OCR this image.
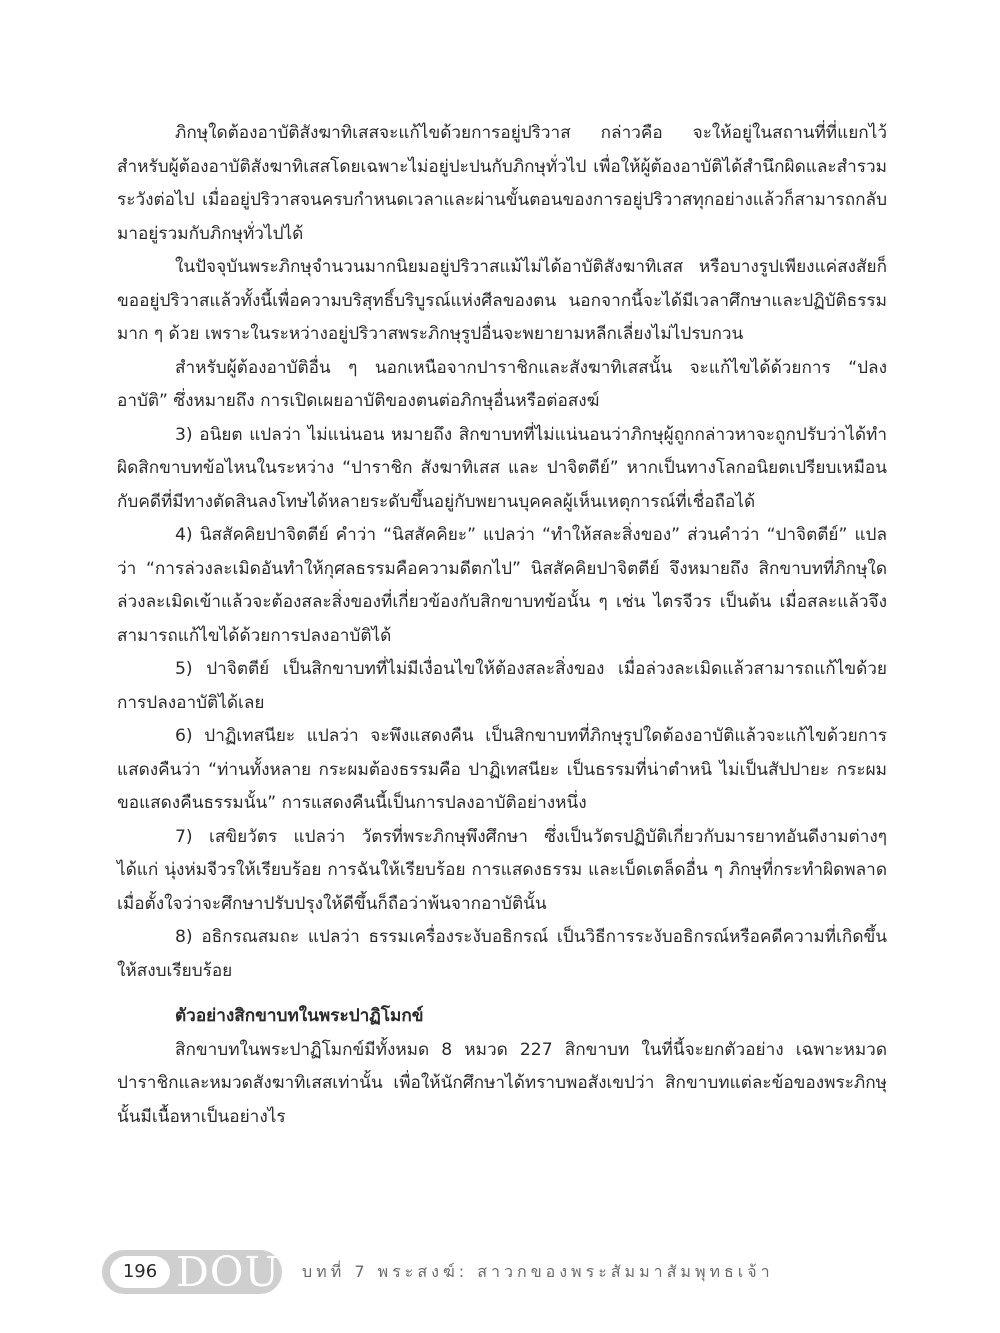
ภิกษุใดต้องอาบัติสังฆาทิเสสจะแก้ไขด้วยการอยู่ปริวาส กล่าวคือ จะให้อยู่ในสถานที่ที่แยกไว้สำหรับผู้ต้องอาบัติสังฆาทิเสสโดยเฉพาะไม่อยู่ปะปนกับภิกษุทั่วไป เพื่อให้ผู้ต้องอาบัติได้สำนึกผิดและสำรวมระวังต่อไป เมื่ออยู่ปริวาสจนครบกำหนดเวลาและผ่านขั้นตอนของการอยู่ปริวาสทุกอย่างแล้วก็สามารถกลับมาอยู่รวมกับภิกษุทั่วไปได้

ในปัจจุบันพระภิกษุจำนวนมากนิยมอยู่ปริวาสแม้ไม่ได้อาบัติสังฆาทิเสส หรือบางรูปเพียงแค่สงสัยก็ขออยู่ปริวาสแล้วทั้งนี้เพื่อความบริสุทธิ์บริบูรณ์แห่งศีลของตน นอกจากนี้จะได้มีเวลาศึกษาและปฏิบัติธรรมมาก ๆ ด้วย เพราะในระหว่างอยู่ปริวาสพระภิกษุรูปอื่นจะพยายามหลีกเลี่ยงไม่ไปรบกวน

สำหรับผู้ต้องอาบัติอื่น ๆ นอกเหนือจากปาราชิกและสังฆาทิเสสนั้น จะแก้ไขได้ด้วยการ “ปลงอาบัติ” ซึ่งหมายถึง การเปิดเผยอาบัติของตนต่อภิกษุอื่นหรือต่อสงฆ์

3) อนิยต แปลว่า ไม่แน่นอน หมายถึง สิกขาบทที่ไม่แน่นอนว่าภิกษุผู้ถูกกล่าวหาจะถูกปรับว่าได้ทำผิดสิกขาบทข้อไหนในระหว่าง “ปาราชิก สังฆาทิเสส และ ปาจิตตีย์” หากเป็นทางโลกอนิยตเปรียบเหมือนกับคดีที่มีทางตัดสินลงโทษได้หลายระดับขึ้นอยู่กับพยานบุคคลผู้เห็นเหตุการณ์ที่เชื่อถือได้

4) นิสสัคคิยปาจิตตีย์ คำว่า “นิสสัคคิยะ” แปลว่า “ทำให้สละสิ่งของ” ส่วนคำว่า “ปาจิตตีย์” แปลว่า “การล่วงละเมิดอันทำให้กุศลธรรมคือความดีตกไป” นิสสัคคิยปาจิตตีย์ จึงหมายถึง สิกขาบทที่ภิกษุใดล่วงละเมิดเข้าแล้วจะต้องสละสิ่งของที่เกี่ยวข้องกับสิกขาบทข้อนั้น ๆ เช่น ไตรจีวร เป็นต้น เมื่อสละแล้วจึงสามารถแก้ไขได้ด้วยการปลงอาบัติได้

5) ปาจิตตีย์ เป็นสิกขาบทที่ไม่มีเงื่อนไขให้ต้องสละสิ่งของ เมื่อล่วงละเมิดแล้วสามารถแก้ไขด้วยการปลงอาบัติได้เลย

6) ปาฏิเทสนียะ แปลว่า จะพึงแสดงคืน เป็นสิกขาบทที่ภิกษุรูปใดต้องอาบัติแล้วจะแก้ไขด้วยการแสดงคืนว่า “ท่านทั้งหลาย กระผมต้องธรรมคือ ปาฏิเทสนียะ เป็นธรรมที่น่าตำหนิ ไม่เป็นสัปปายะ กระผมขอแสดงคืนธรรมนั้น” การแสดงคืนนี้เป็นการปลงอาบัติอย่างหนึ่ง

7) เสขิยวัตร แปลว่า วัตรที่พระภิกษุพึงศึกษา ซึ่งเป็นวัตรปฏิบัติเกี่ยวกับมารยาทอันดีงามต่างๆ ได้แก่ นุ่งห่มจีวรให้เรียบร้อย การฉันให้เรียบร้อย การแสดงธรรม และเบ็ดเตล็ดอื่น ๆ ภิกษุที่กระทำผิดพลาดเมื่อตั้งใจว่าจะศึกษาปรับปรุงให้ดีขึ้นก็ถือว่าพ้นจากอาบัตินั้น

8) อธิกรณสมถะ แปลว่า ธรรมเครื่องระงับอธิกรณ์ เป็นวิธีการระงับอธิกรณ์หรือคดีความที่เกิดขึ้นให้สงบเรียบร้อย

ตัวอย่างสิกขาบทในพระปาฏิโมกข์

สิกขาบทในพระปาฏิโมกข์มีทั้งหมด 8 หมวด 227 สิกขาบท ในที่นี้จะยกตัวอย่าง เฉพาะหมวดปาราชิกและหมวดสังฆาทิเสสเท่านั้น เพื่อให้นักศึกษาได้ทราบพอสังเขปว่า สิกขาบทแต่ละข้อของพระภิกษุนั้นมีเนื้อหาเป็นอย่างไร

196 DOU บทที่ 7 พระสงฆ์: สาวกของพระสัมมาสัมพุทธเจ้า
